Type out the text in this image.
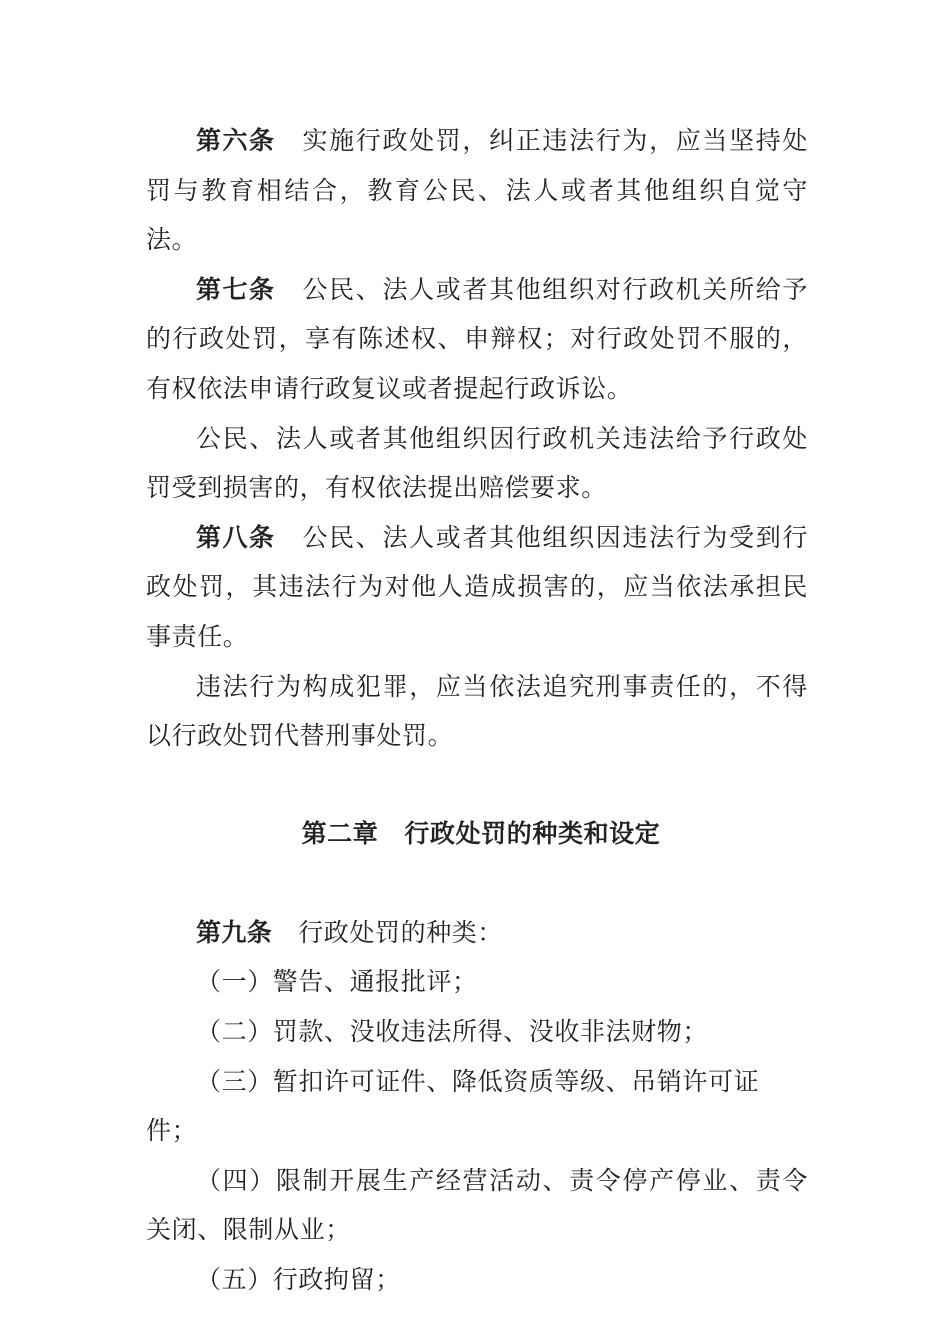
第六条 实施行政处罚，纠正违法行为，应当坚持处罚与教育相结合，教育公民、法人或者其他组织自觉守法。

第七条 公民、法人或者其他组织对行政机关所给予的行政处罚，享有陈述权、申辩权；对行政处罚不服的，有权依法申请行政复议或者提起行政诉讼。

公民、法人或者其他组织因行政机关违法给予行政处罚受到损害的，有权依法提出赔偿要求。

第八条 公民、法人或者其他组织因违法行为受到行政处罚，其违法行为对他人造成损害的，应当依法承担民事责任。

违法行为构成犯罪，应当依法追究刑事责任的，不得以行政处罚代替刑事处罚。

第二章 行政处罚的种类和设定

第九条 行政处罚的种类：

（一）警告、通报批评；

（二）罚款、没收违法所得、没收非法财物；

（三）暂扣许可证件、降低资质等级、吊销许可证件；

（四）限制开展生产经营活动、责令停产停业、责令关闭、限制从业；

（五）行政拘留；
